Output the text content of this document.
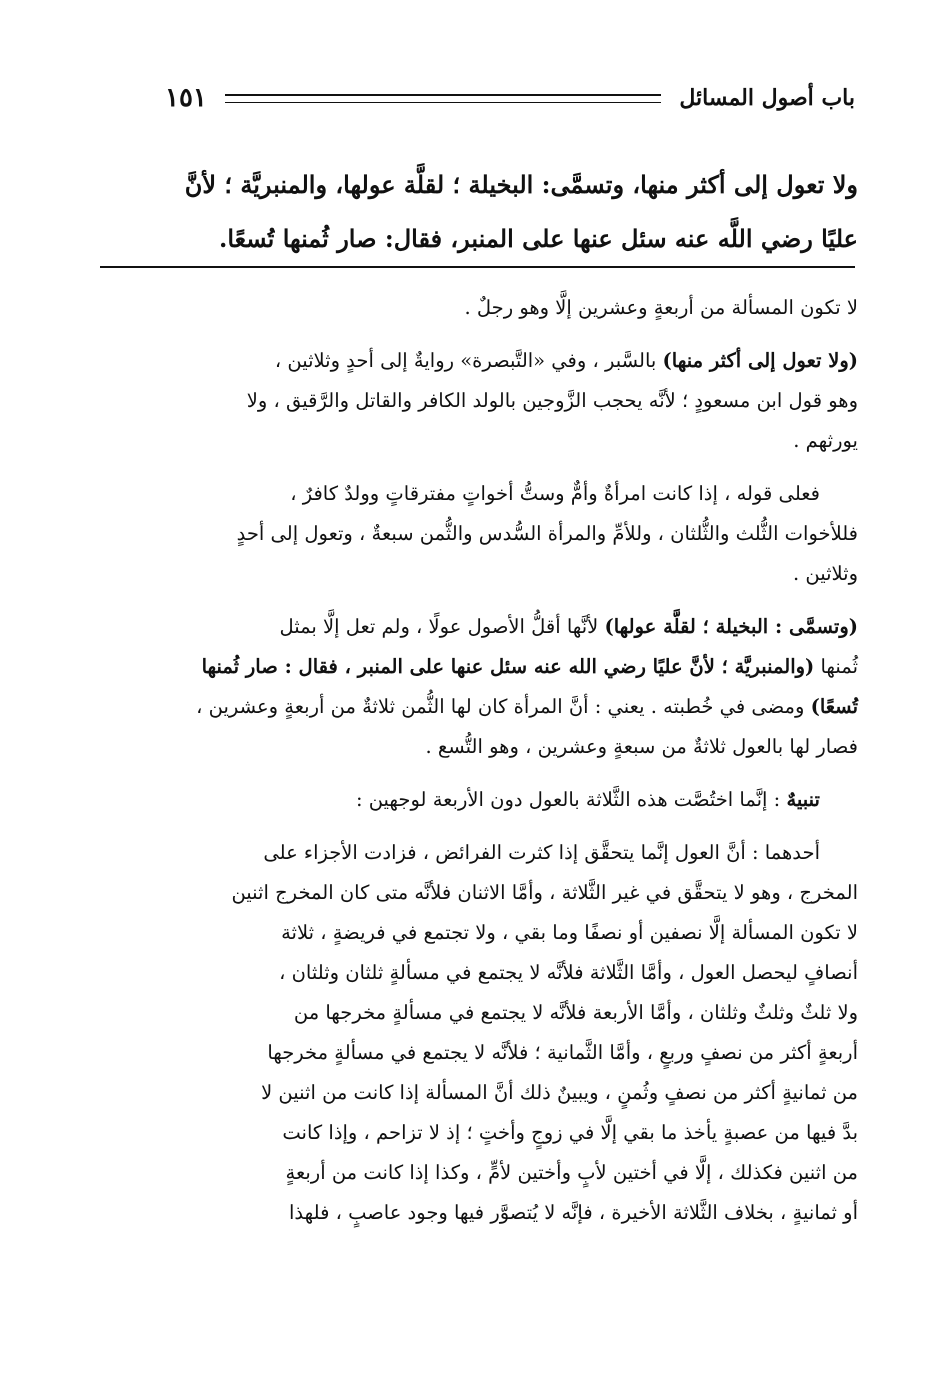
باب أصول المسائل
١٥١
ولا تعول إلى أكثر منها، وتسمَّى: البخيلة ؛ لقلَّة عولها، والمنبريَّة ؛ لأنَّ
عليًا رضي اللَّه عنه سئل عنها على المنبر، فقال: صار ثُمنها تُسعًا.
لا تكون المسألة من أربعةٍ وعشرين إلَّا وهو رجلٌ .
(ولا تعول إلى أكثر منها) بالسَّبر ، وفي «التَّبصرة» روايةٌ إلى أحدٍ وثلاثين ،
وهو قول ابن مسعودٍ ؛ لأنَّه يحجب الزَّوجين بالولد الكافر والقاتل والرَّقيق ، ولا
يورثهم .
فعلى قوله ، إذا كانت امرأةٌ وأمٌّ وستُّ أخواتٍ مفترقاتٍ وولدٌ كافرٌ ،
فللأخوات الثُّلث والثُّلثان ، وللأمِّ والمرأة السُّدس والثُّمن سبعةٌ ، وتعول إلى أحدٍ
وثلاثين .
(وتسمَّى : البخيلة ؛ لقلَّة عولها) لأنَّها أقلُّ الأصول عولًا ، ولم تعل إلَّا بمثل
ثُمنها (والمنبريَّة ؛ لأنَّ عليًا رضي الله عنه سئل عنها على المنبر ، فقال : صار ثُمنها
تُسعًا) ومضى في خُطبته . يعني : أنَّ المرأة كان لها الثُّمن ثلاثةٌ من أربعةٍ وعشرين ،
فصار لها بالعول ثلاثةٌ من سبعةٍ وعشرين ، وهو التُّسع .
تنبيهٌ : إنَّما اختُصَّت هذه الثَّلاثة بالعول دون الأربعة لوجهين :
أحدهما : أنَّ العول إنَّما يتحقَّق إذا كثرت الفرائض ، فزادت الأجزاء على
المخرج ، وهو لا يتحقَّق في غير الثَّلاثة ، وأمَّا الاثنان فلأنَّه متى كان المخرج اثنين
لا تكون المسألة إلَّا نصفين أو نصفًا وما بقي ، ولا تجتمع في فريضةٍ ، ثلاثة
أنصافٍ ليحصل العول ، وأمَّا الثَّلاثة فلأنَّه لا يجتمع في مسألةٍ ثلثان وثلثان ،
ولا ثلثٌ وثلثٌ وثلثان ، وأمَّا الأربعة فلأنَّه لا يجتمع في مسألةٍ مخرجها من
أربعةٍ أكثر من نصفٍ وربعٍ ، وأمَّا الثَّمانية ؛ فلأنَّه لا يجتمع في مسألةٍ مخرجها
من ثمانيةٍ أكثر من نصفٍ وثُمنٍ ، ويبينٌ ذلك أنَّ المسألة إذا كانت من اثنين لا
بدَّ فيها من عصبةٍ يأخذ ما بقي إلَّا في زوجٍ وأختٍ ؛ إذ لا تزاحم ، وإذا كانت
من اثنين فكذلك ، إلَّا في أختين لأبٍ وأختين لأمٍّ ، وكذا إذا كانت من أربعةٍ
أو ثمانيةٍ ، بخلاف الثَّلاثة الأخيرة ، فإنَّه لا يُتصوَّر فيها وجود عاصبٍ ، فلهذا
